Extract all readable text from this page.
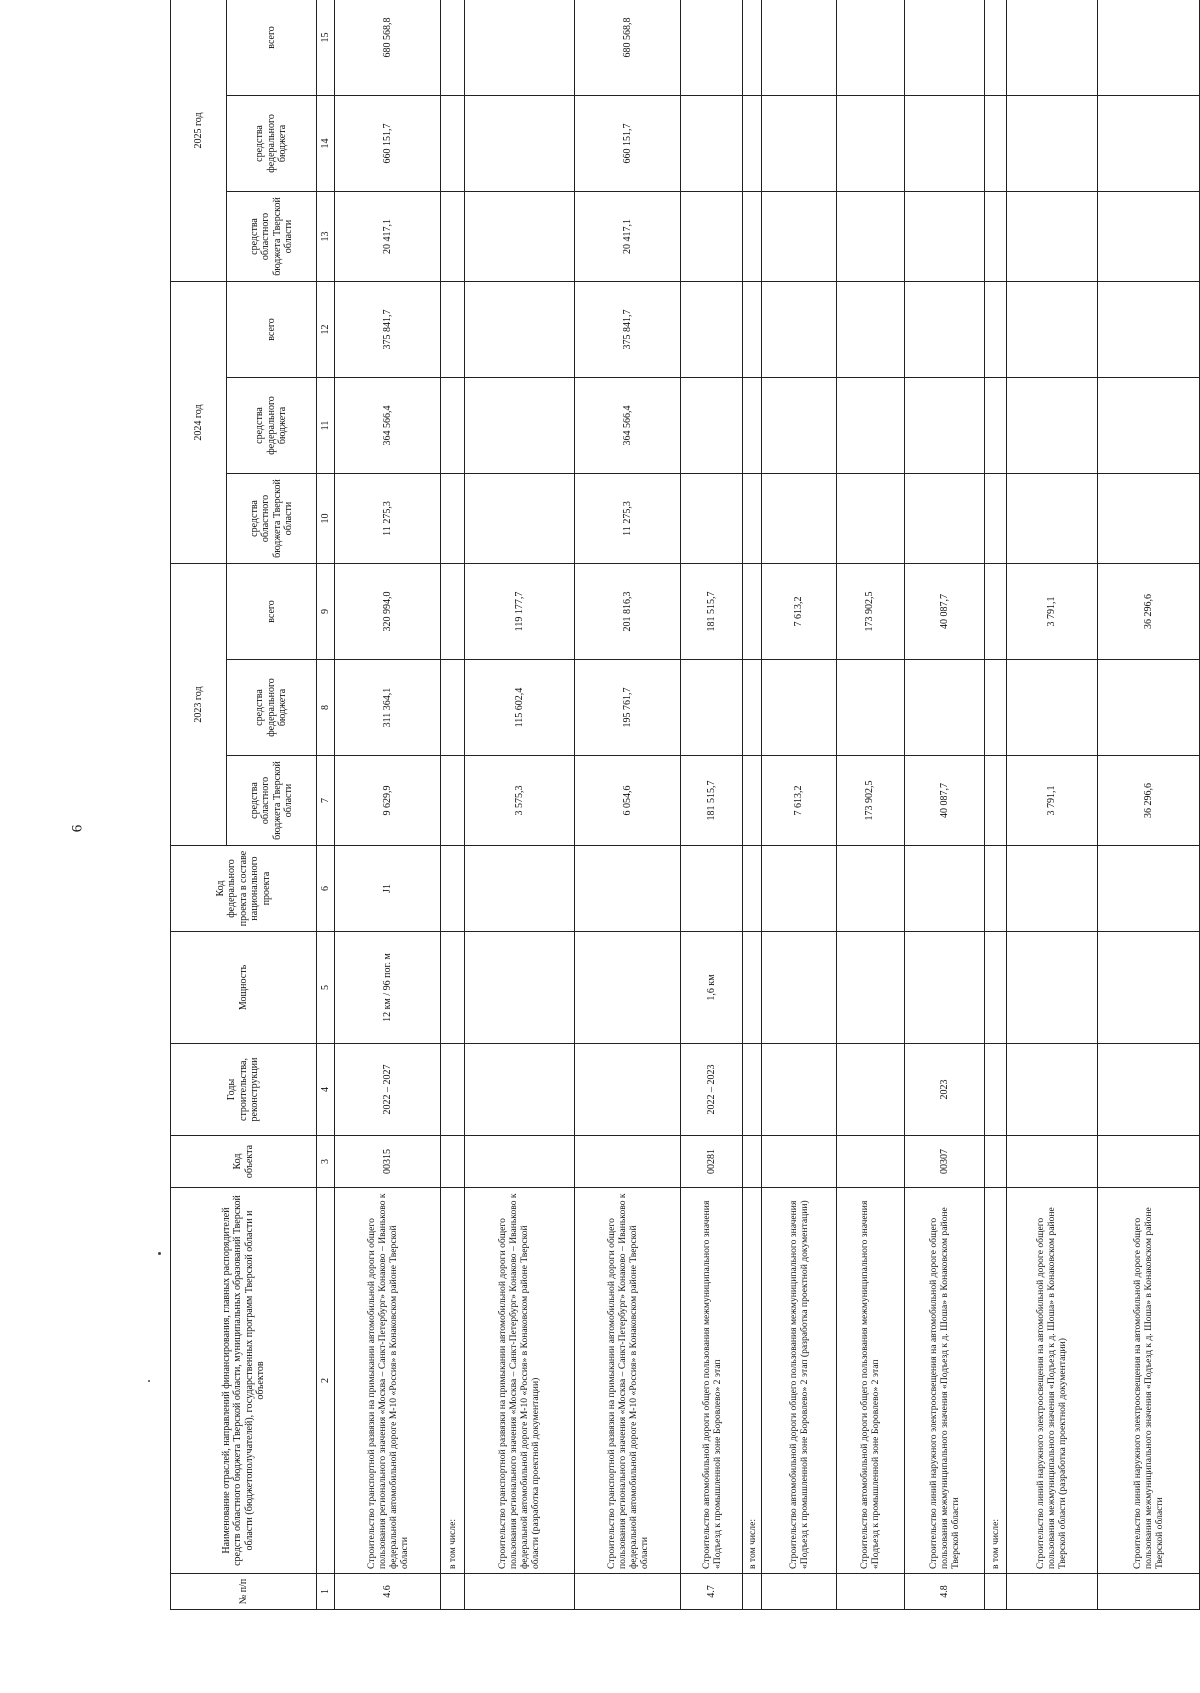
6
№ п/п	Наименование отраслей, направлений финансирования, главных распорядителей средств областного бюджета Тверской области, муниципальных образований Тверской области (бюджетополучателей), государственных программ Тверской области и объектов	Код объекта	Годы строительства, реконструкции	Мощность	Код федерального проекта в составе национального проекта	2023 год			2024 год			2025 год		
						средства областного бюджета Тверской области	средства федерального бюджета	всего	средства областного бюджета Тверской области	средства федерального бюджета	всего	средства областного бюджета Тверской области	средства федерального бюджета	всего
1	2	3	4	5	6	7	8	9	10	11	12	13	14	15
4.6	Строительство транспортной развязки на примыкании автомобильной дороги общего пользования регионального значения «Москва – Санкт-Петербург» Конаково – Иваньково к федеральной автомобильной дороге М-10 «Россия» в Конаковском районе Тверской области	00315	2022 – 2027	12 км / 96 пог. м	J1	9 629,9	311 364,1	320 994,0	11 275,3	364 566,4	375 841,7	20 417,1	660 151,7	680 568,8
	в том числе:													
	Строительство транспортной развязки на примыкании автомобильной дороги общего пользования регионального значения «Москва – Санкт-Петербург» Конаково – Иваньково к федеральной автомобильной дороге М-10 «Россия» в Конаковском районе Тверской области (разработка проектной документации)					3 575,3	115 602,4	119 177,7						
	Строительство транспортной развязки на примыкании автомобильной дороги общего пользования регионального значения «Москва – Санкт-Петербург» Конаково – Иваньково к федеральной автомобильной дороге М-10 «Россия» в Конаковском районе Тверской области					6 054,6	195 761,7	201 816,3	11 275,3	364 566,4	375 841,7	20 417,1	660 151,7	680 568,8
4.7	Строительство автомобильной дороги общего пользования межмуниципального значения «Подъезд к промышленной зоне Боровлево» 2 этап	00281	2022 – 2023	1,6 км		181 515,7		181 515,7						
	в том числе:													
	Строительство автомобильной дороги общего пользования межмуниципального значения «Подъезд к промышленной зоне Боровлево» 2 этап (разработка проектной документации)					7 613,2		7 613,2						
	Строительство автомобильной дороги общего пользования межмуниципального значения «Подъезд к промышленной зоне Боровлево» 2 этап					173 902,5		173 902,5						
4.8	Строительство линий наружного электроосвещения на автомобильной дороге общего пользования межмуниципального значения «Подъезд к д. Шоша» в Конаковском районе Тверской области	00307	2023			40 087,7		40 087,7						
	в том числе:													
	Строительство линий наружного электроосвещения на автомобильной дороге общего пользования межмуниципального значения «Подъезд к д. Шоша» в Конаковском районе Тверской области (разработка проектной документации)					3 791,1		3 791,1						
	Строительство линий наружного электроосвещения на автомобильной дороге общего пользования межмуниципального значения «Подъезд к д. Шоша» в Конаковском районе Тверской области					36 296,6		36 296,6						
